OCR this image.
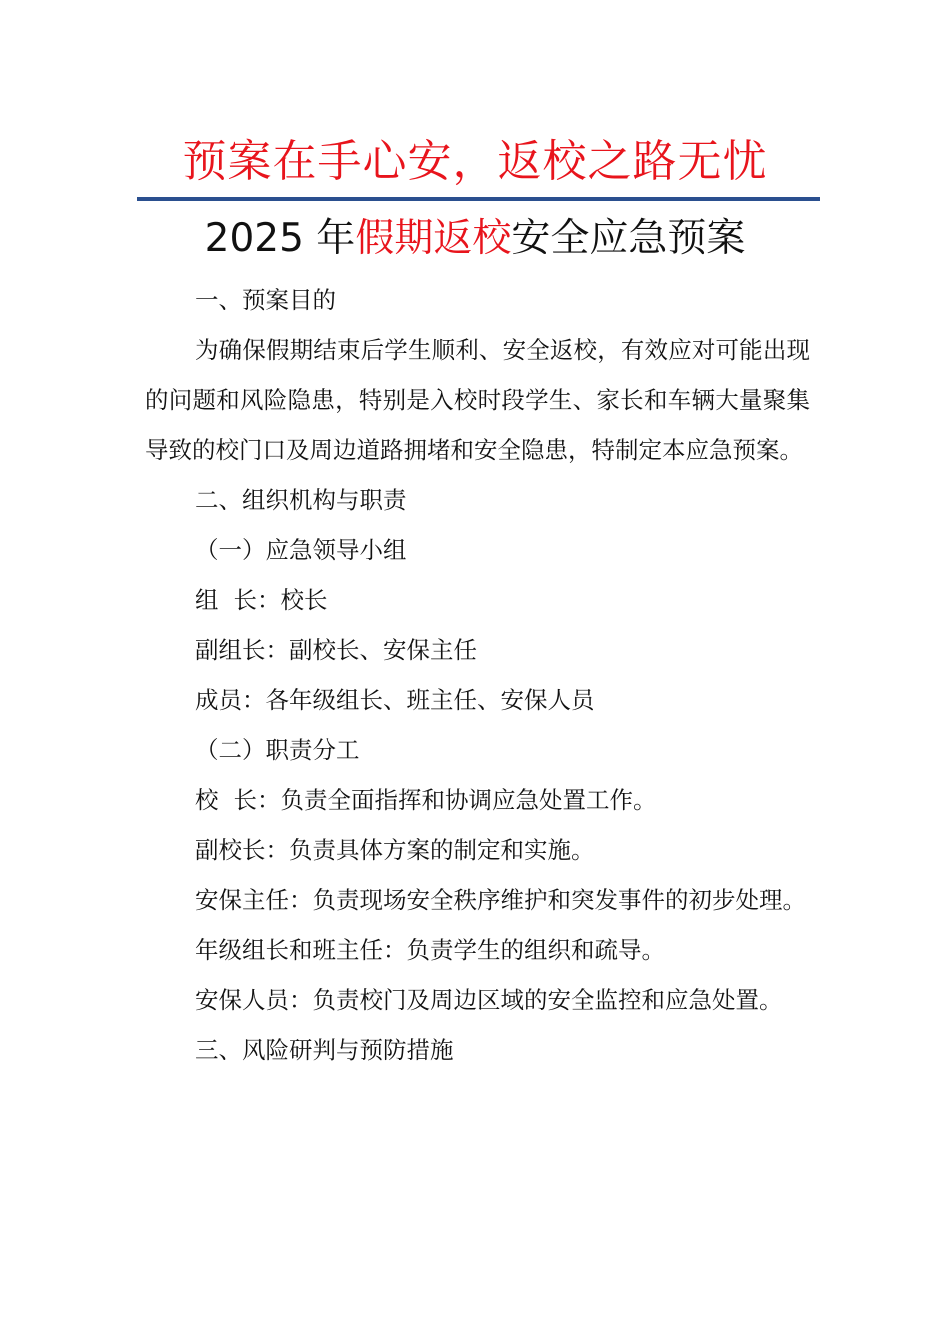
预案在手心安，返校之路无忧
2025 年假期返校安全应急预案

一、预案目的

为确保假期结束后学生顺利、安全返校，有效应对可能出现的问题和风险隐患，特别是入校时段学生、家长和车辆大量聚集导致的校门口及周边道路拥堵和安全隐患，特制定本应急预案。

二、组织机构与职责

（一）应急领导小组

组  长：校长

副组长：副校长、安保主任

成员：各年级组长、班主任、安保人员

（二）职责分工

校  长：负责全面指挥和协调应急处置工作。

副校长：负责具体方案的制定和实施。

安保主任：负责现场安全秩序维护和突发事件的初步处理。

年级组长和班主任：负责学生的组织和疏导。

安保人员：负责校门及周边区域的安全监控和应急处置。

三、风险研判与预防措施
